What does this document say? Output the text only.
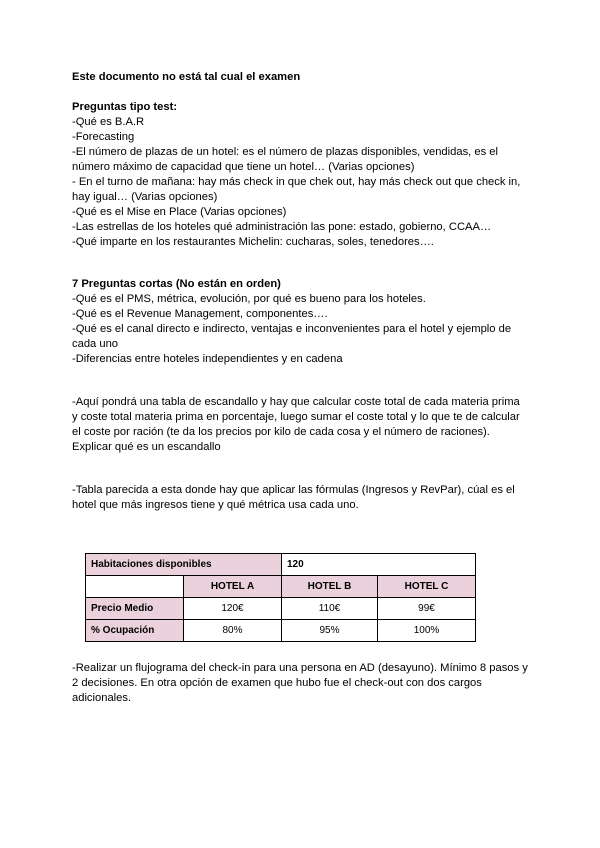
Este documento no está tal cual el examen
Preguntas tipo test:
-Qué es B.A.R
-Forecasting
-El número de plazas de un hotel: es el número de plazas disponibles, vendidas, es el
número máximo de capacidad que tiene un hotel… (Varias opciones)
- En el turno de mañana: hay más check in que chek out, hay más check out que check in,
hay igual… (Varias opciones)
-Qué es el Mise en Place (Varias opciones)
-Las estrellas de los hoteles qué administración las pone: estado, gobierno, CCAA…
-Qué imparte en los restaurantes Michelin: cucharas, soles, tenedores….
7 Preguntas cortas (No están en orden)
-Qué es el PMS, métrica, evolución, por qué es bueno para los hoteles.
-Qué es el Revenue Management, componentes….
-Qué es el canal directo e indirecto, ventajas e inconvenientes para el hotel y ejemplo de
cada uno
-Diferencias entre hoteles independientes y en cadena
-Aquí pondrá una tabla de escandallo y hay que calcular coste total de cada materia prima y coste total materia prima en porcentaje, luego sumar el coste total y lo que te de calcular el coste por ración (te da los precios por kilo de cada cosa y el número de raciones). Explicar qué es un escandallo
-Tabla parecida a esta donde hay que aplicar las fórmulas (Ingresos y RevPar), cúal es el hotel que más ingresos tiene y qué métrica usa cada uno.
Habitaciones disponibles		120	
	HOTEL A	HOTEL B	HOTEL C
Precio Medio	120€	110€	99€
% Ocupación	80%	95%	100%
-Realizar un flujograma del check-in para una persona en AD (desayuno). Mínimo 8 pasos y 2 decisiones. En otra opción de examen que hubo fue el check-out con dos cargos adicionales.
